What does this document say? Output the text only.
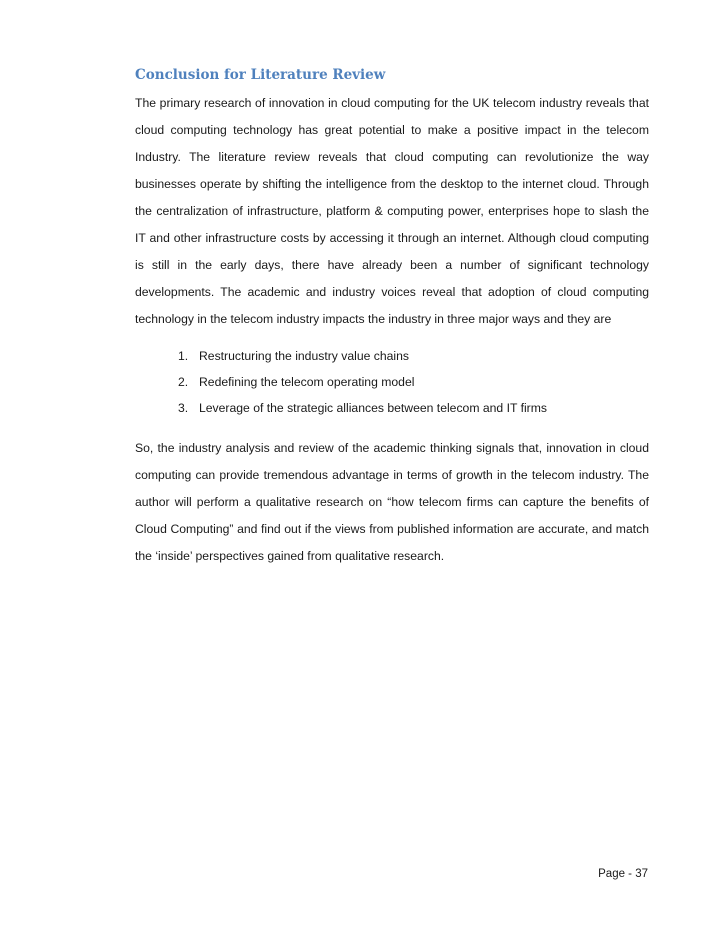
Conclusion for Literature Review

The primary research of innovation in cloud computing for the UK telecom industry reveals that cloud computing technology has great potential to make a positive impact in the telecom Industry. The literature review reveals that cloud computing can revolutionize the way businesses operate by shifting the intelligence from the desktop to the internet cloud. Through the centralization of infrastructure, platform & computing power, enterprises hope to slash the IT and other infrastructure costs by accessing it through an internet. Although cloud computing is still in the early days, there have already been a number of significant technology developments. The academic and industry voices reveal that adoption of cloud computing technology in the telecom industry impacts the industry in three major ways and they are

1. Restructuring the industry value chains
2. Redefining the telecom operating model
3. Leverage of the strategic alliances between telecom and IT firms

So, the industry analysis and review of the academic thinking signals that, innovation in cloud computing can provide tremendous advantage in terms of growth in the telecom industry. The author will perform a qualitative research on “how telecom firms can capture the benefits of Cloud Computing” and find out if the views from published information are accurate, and match the ‘inside’ perspectives gained from qualitative research.

Page - 37
